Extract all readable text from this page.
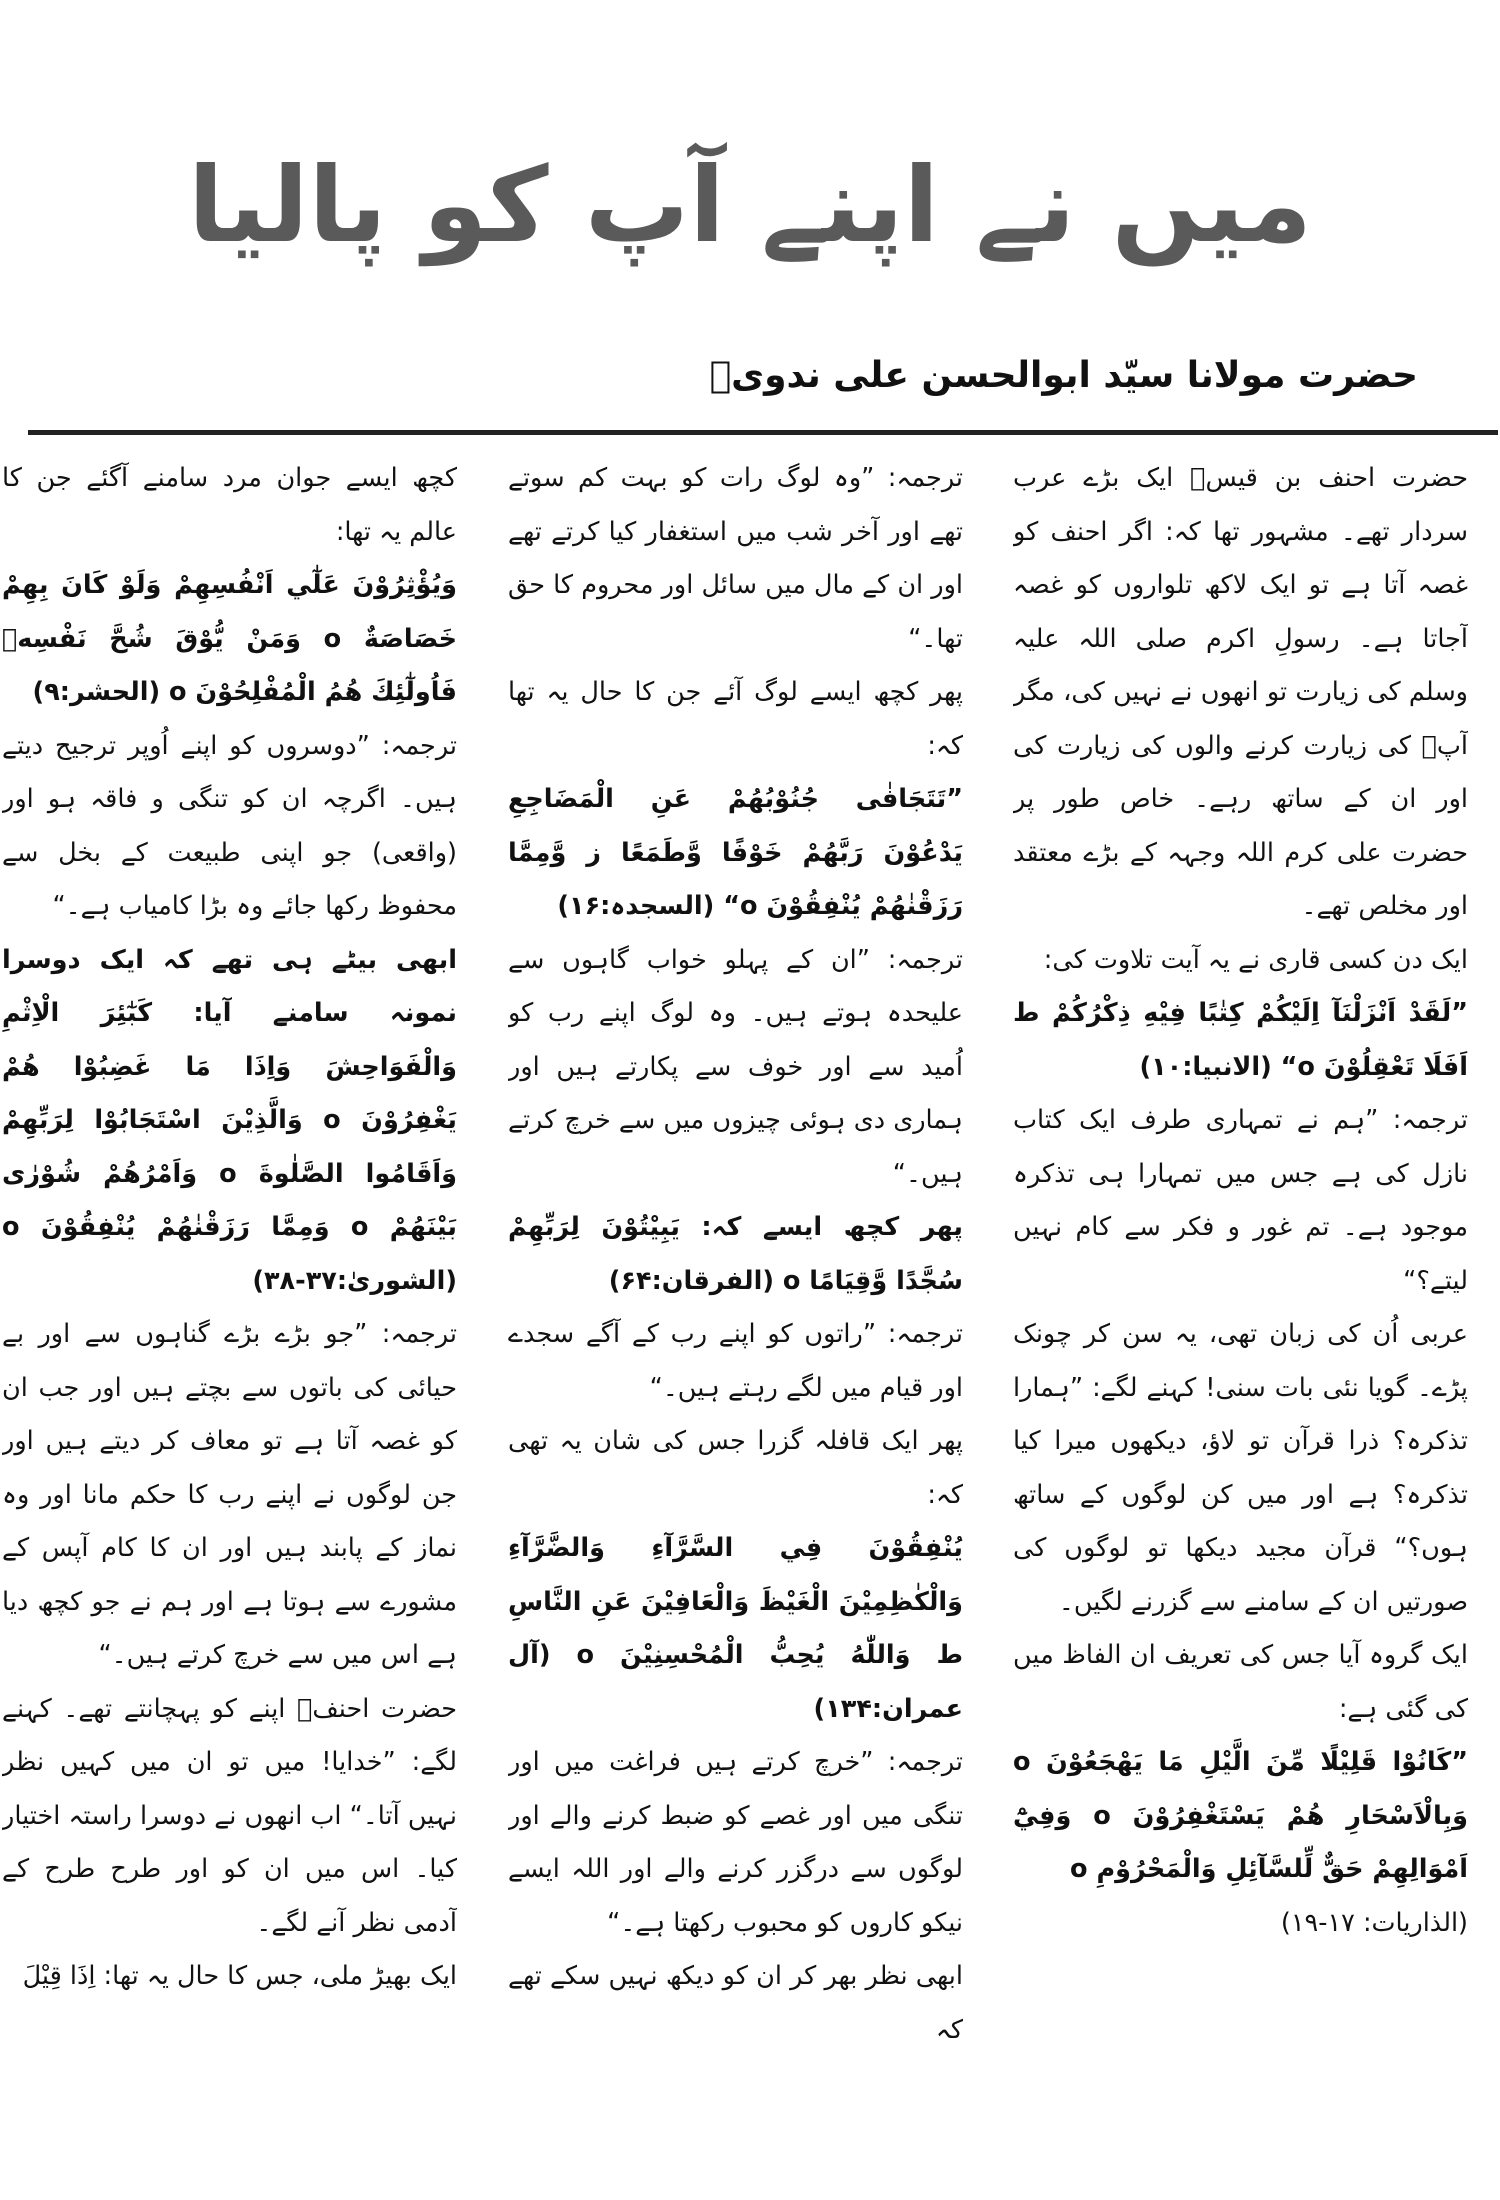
میں نے اپنے آپ کو پالیا
حضرت مولانا سیّد ابوالحسن علی ندویؒ

حضرت احنف بن قیسؓ ایک بڑے عرب سردار تھے۔ مشہور تھا کہ: اگر احنف کو غصہ آتا ہے تو ایک لاکھ تلواروں کو غصہ آجاتا ہے۔ رسولِ اکرم صلی اللہ علیہ وسلم کی زیارت تو انھوں نے نہیں کی، مگر آپؐ کی زیارت کرنے والوں کی زیارت کی اور ان کے ساتھ رہے۔ خاص طور پر حضرت علی کرم اللہ وجہہ کے بڑے معتقد اور مخلص تھے۔

ایک دن کسی قاری نے یہ آیت تلاوت کی:

”لَقَدْ اَنْزَلْنَآ اِلَيْكُمْ كِتٰبًا فِيْهِ ذِكْرُكُمْ ط اَفَلَا تَعْقِلُوْنَ o“ (الانبیا:۱۰)

ترجمہ: ”ہم نے تمہاری طرف ایک کتاب نازل کی ہے جس میں تمہارا ہی تذکرہ موجود ہے۔ تم غور و فکر سے کام نہیں لیتے؟“

عربی اُن کی زبان تھی، یہ سن کر چونک پڑے۔ گویا نئی بات سنی! کہنے لگے: ”ہمارا تذکرہ؟ ذرا قرآن تو لاؤ، دیکھوں میرا کیا تذکرہ؟ ہے اور میں کن لوگوں کے ساتھ ہوں؟“ قرآن مجید دیکھا تو لوگوں کی صورتیں ان کے سامنے سے گزرنے لگیں۔

ایک گروہ آیا جس کی تعریف ان الفاظ میں کی گئی ہے:

”كَانُوْا قَلِيْلًا مِّنَ الَّيْلِ مَا يَهْجَعُوْنَ o وَبِالْاَسْحَارِ هُمْ يَسْتَغْفِرُوْنَ o وَفِيْٓ اَمْوَالِهِمْ حَقٌّ لِّلسَّآئِلِ وَالْمَحْرُوْمِ o

(الذاریات: ۱۷-۱۹)

ترجمہ: ”وہ لوگ رات کو بہت کم سوتے تھے اور آخر شب میں استغفار کیا کرتے تھے اور ان کے مال میں سائل اور محروم کا حق تھا۔“

پھر کچھ ایسے لوگ آئے جن کا حال یہ تھا کہ:

”تَتَجَافٰى جُنُوْبُهُمْ عَنِ الْمَضَاجِعِ يَدْعُوْنَ رَبَّهُمْ خَوْفًا وَّطَمَعًا ز وَّمِمَّا رَزَقْنٰهُمْ يُنْفِقُوْنَ o“ (السجدہ:۱۶)

ترجمہ: ”ان کے پہلو خواب گاہوں سے علیحدہ ہوتے ہیں۔ وہ لوگ اپنے رب کو اُمید سے اور خوف سے پکارتے ہیں اور ہماری دی ہوئی چیزوں میں سے خرچ کرتے ہیں۔“

پھر کچھ ایسے کہ: يَبِيْتُوْنَ لِرَبِّهِمْ سُجَّدًا وَّقِيَامًا o (الفرقان:۶۴)

ترجمہ: ”راتوں کو اپنے رب کے آگے سجدے اور قیام میں لگے رہتے ہیں۔“

پھر ایک قافلہ گزرا جس کی شان یہ تھی کہ:

يُنْفِقُوْنَ فِي السَّرَّآءِ وَالضَّرَّآءِ وَالْكٰظِمِيْنَ الْغَيْظَ وَالْعَافِيْنَ عَنِ النَّاسِ ط وَاللّٰهُ يُحِبُّ الْمُحْسِنِيْنَ o (آل عمران:۱۳۴)

ترجمہ: ”خرچ کرتے ہیں فراغت میں اور تنگی میں اور غصے کو ضبط کرنے والے اور لوگوں سے درگزر کرنے والے اور اللہ ایسے نیکو کاروں کو محبوب رکھتا ہے۔“

ابھی نظر بھر کر ان کو دیکھ نہیں سکے تھے کہ

کچھ ایسے جوان مرد سامنے آگئے جن کا عالم یہ تھا:

وَيُؤْثِرُوْنَ عَلٰٓي اَنْفُسِهِمْ وَلَوْ كَانَ بِهِمْ خَصَاصَةٌ o وَمَنْ يُّوْقَ شُحَّ نَفْسِهٖ فَاُولٰٓئِكَ هُمُ الْمُفْلِحُوْنَ o (الحشر:۹)

ترجمہ: ”دوسروں کو اپنے اُوپر ترجیح دیتے ہیں۔ اگرچہ ان کو تنگی و فاقہ ہو اور (واقعی) جو اپنی طبیعت کے بخل سے محفوظ رکھا جائے وہ بڑا کامیاب ہے۔“

ابھی بیٹے ہی تھے کہ ایک دوسرا نمونہ سامنے آیا: كَبٰٓئِرَ الْاِثْمِ وَالْفَوَاحِشَ وَاِذَا مَا غَضِبُوْا هُمْ يَغْفِرُوْنَ o وَالَّذِيْنَ اسْتَجَابُوْا لِرَبِّهِمْ وَاَقَامُوا الصَّلٰوةَ o وَاَمْرُهُمْ شُوْرٰى بَيْنَهُمْ o وَمِمَّا رَزَقْنٰهُمْ يُنْفِقُوْنَ o (الشوریٰ:۳۷-۳۸)

ترجمہ: ”جو بڑے بڑے گناہوں سے اور بے حیائی کی باتوں سے بچتے ہیں اور جب ان کو غصہ آتا ہے تو معاف کر دیتے ہیں اور جن لوگوں نے اپنے رب کا حکم مانا اور وہ نماز کے پابند ہیں اور ان کا کام آپس کے مشورے سے ہوتا ہے اور ہم نے جو کچھ دیا ہے اس میں سے خرچ کرتے ہیں۔“

حضرت احنفؓ اپنے کو پہچانتے تھے۔ کہنے لگے: ”خدایا! میں تو ان میں کہیں نظر نہیں آتا۔“ اب انھوں نے دوسرا راستہ اختیار کیا۔ اس میں ان کو اور طرح طرح کے آدمی نظر آنے لگے۔

ایک بھیڑ ملی، جس کا حال یہ تھا: اِذَا قِيْلَ
